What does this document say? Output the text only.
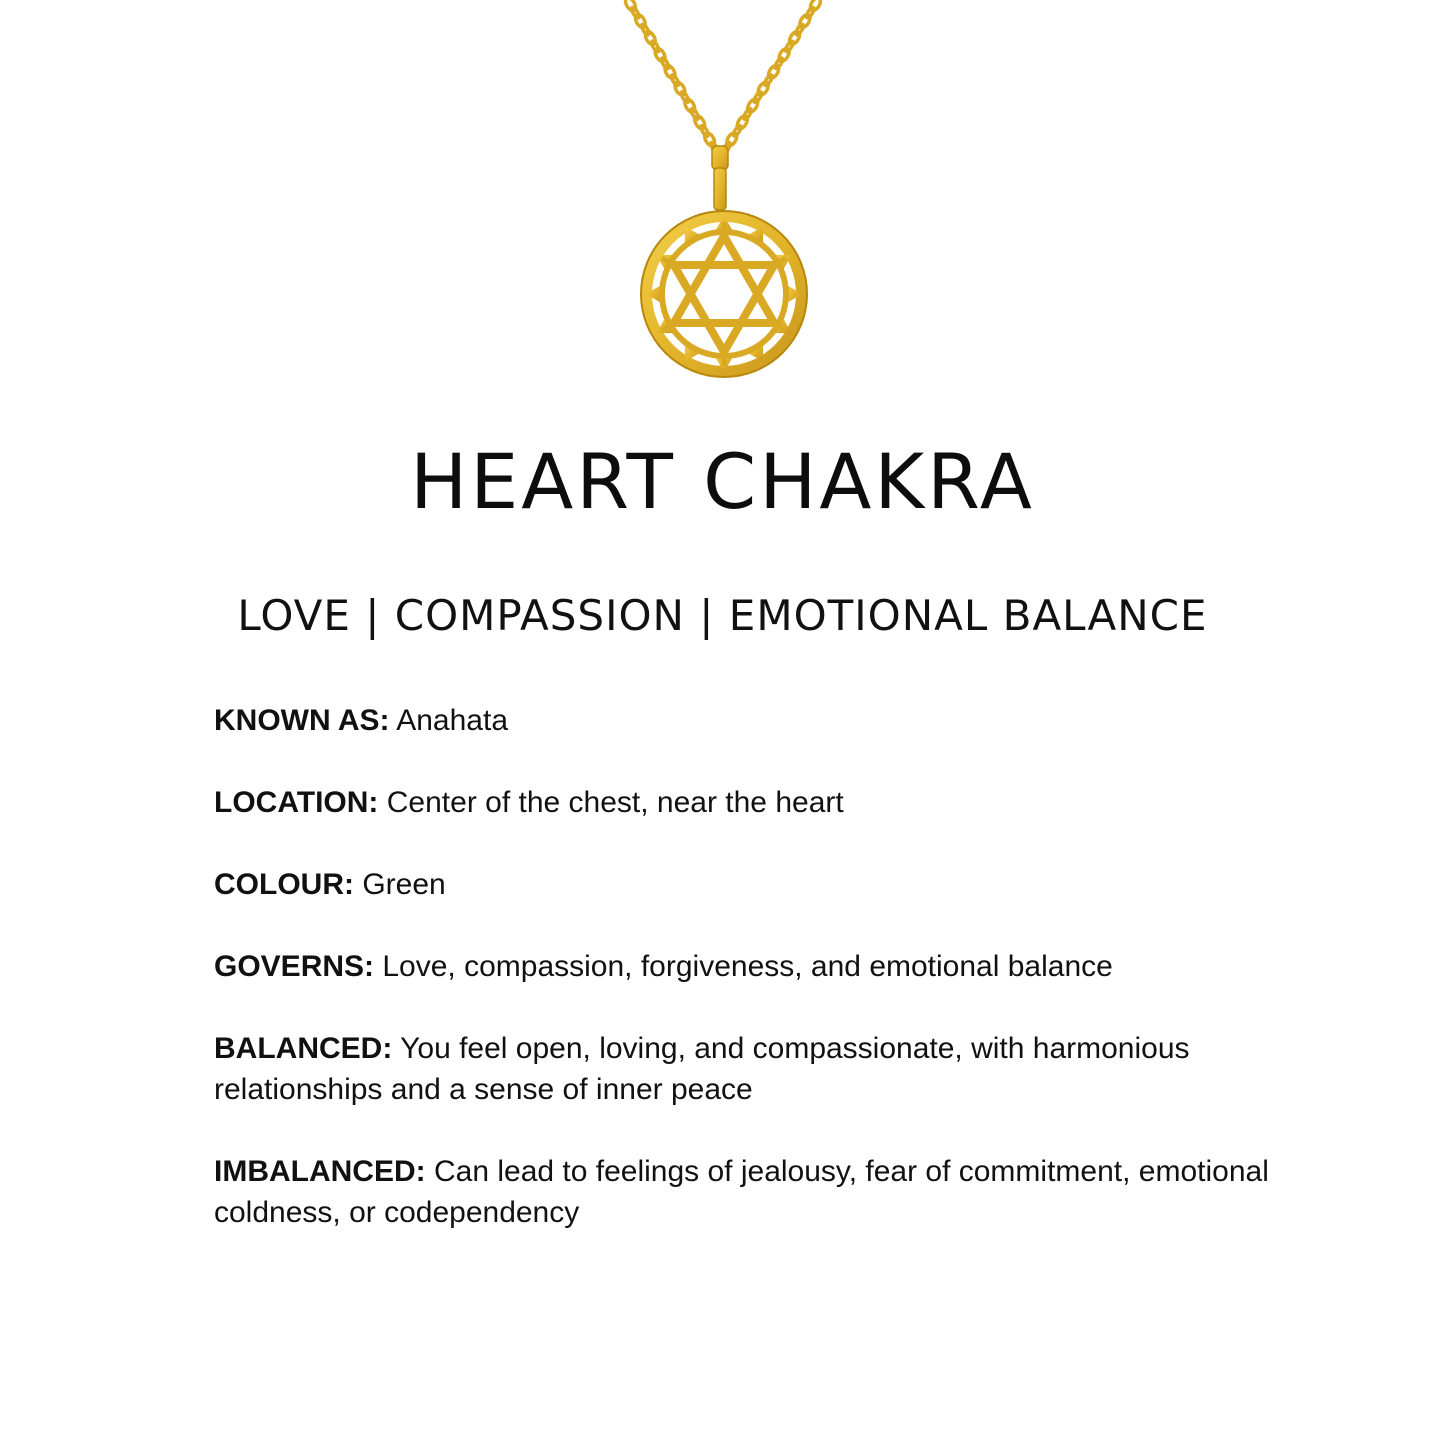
HEART CHAKRA
LOVE | COMPASSION | EMOTIONAL BALANCE

KNOWN AS: Anahata

LOCATION: Center of the chest, near the heart

COLOUR: Green

GOVERNS: Love, compassion, forgiveness, and emotional balance

BALANCED: You feel open, loving, and compassionate, with harmonious relationships and a sense of inner peace

IMBALANCED: Can lead to feelings of jealousy, fear of commitment, emotional coldness, or codependency
